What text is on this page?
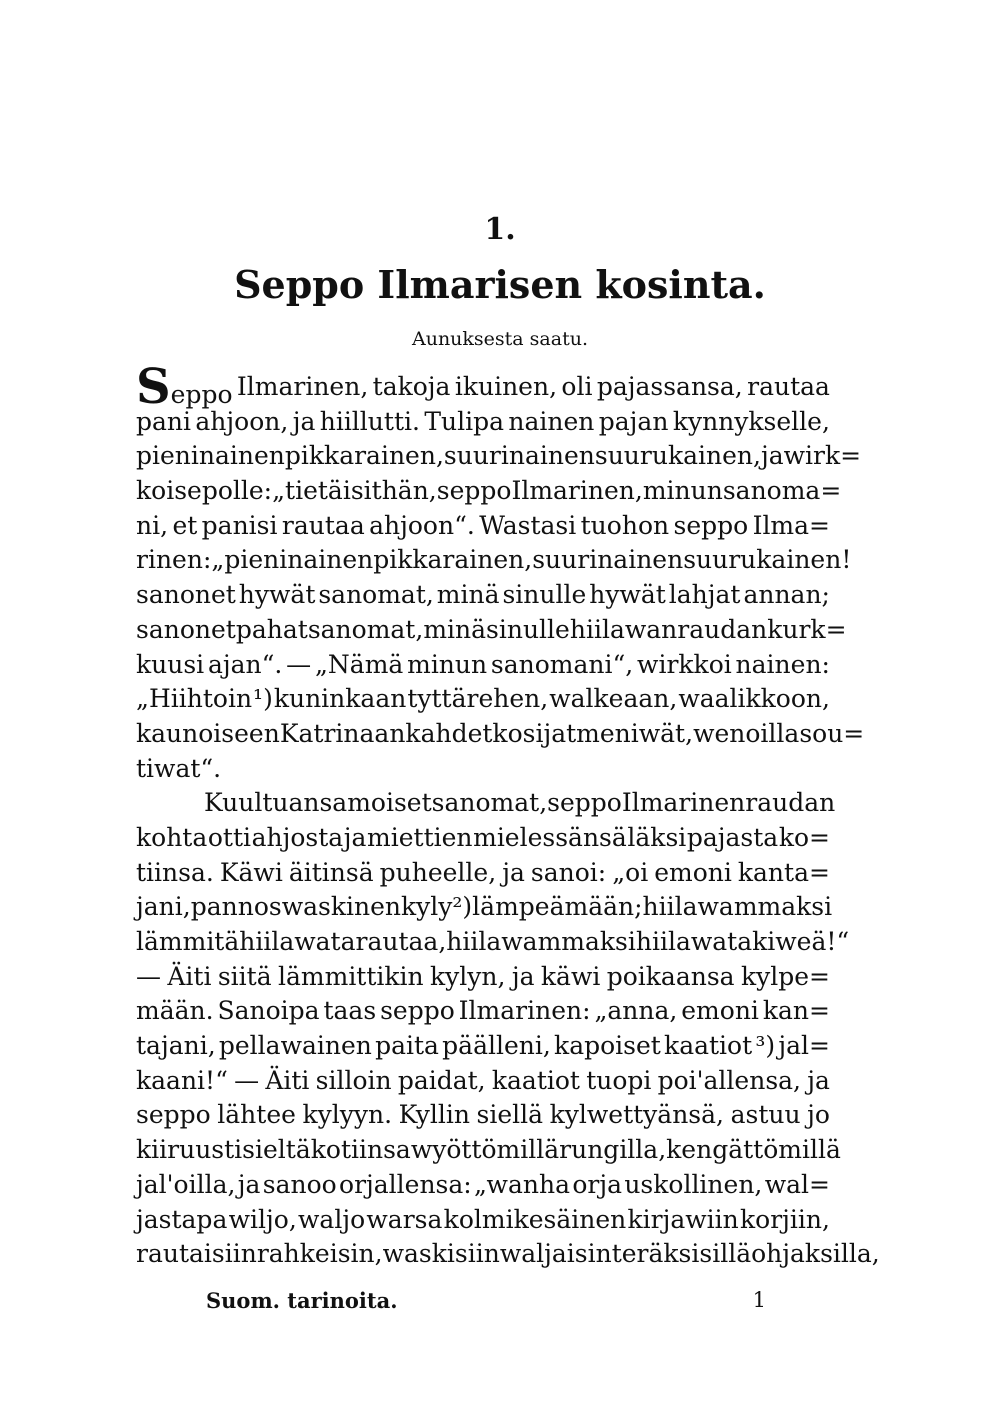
1.
Seppo Ilmarisen kosinta.
Aunuksesta saatu.
Seppo Ilmarinen, takoja ikuinen, oli pajassansa, rautaa
pani ahjoon, ja hiillutti. Tulipa nainen pajan kynnykselle,
pieni nainen pikkarainen, suuri nainen suurukainen, ja wirk=
koi sepolle: „tietäisithän, seppo Ilmarinen, minun sanoma=
ni, et panisi rautaa ahjoon“. Wastasi tuohon seppo Ilma=
rinen: „pieni nainen pikkarainen, suuri nainen suurukainen!
sanonet hywät sanomat, minä sinulle hywät lahjat annan;
sanonet pahat sanomat, minä sinulle hiilawan raudan kurk=
kuusi ajan“. — „Nämä minun sanomani“, wirkkoi nainen:
„Hiihtoin ¹) kuninkaan tyttärehen, walkeaan, waalikkoon,
kaunoiseen Katrinaan kahdet kosijat meniwät, wenoilla sou=
tiwat“.
Kuultuansa moiset sanomat, seppo Ilmarinen raudan
kohta otti ahjosta ja miettien mielessänsä läksi pajasta ko=
tiinsa. Käwi äitinsä puheelle, ja sanoi: „oi emoni kanta=
jani, pannos waskinen kyly ²) lämpeämään; hiilawammaksi
lämmitä hiilawata rautaa, hiilawammaksi hiilawata kiweä!“
— Äiti siitä lämmittikin kylyn, ja käwi poikaansa kylpe=
mään. Sanoipa taas seppo Ilmarinen: „anna, emoni kan=
tajani, pellawainen paita päälleni, kapoiset kaatiot ³) jal=
kaani!“ — Äiti silloin paidat, kaatiot tuopi poi'allensa, ja
seppo lähtee kylyyn. Kyllin siellä kylwettyänsä, astuu jo
kiiruusti sieltä kotiinsa wyöttömillä rungilla, kengättömillä
jal'oilla, ja sanoo orjallensa: „wanha orja uskollinen, wal=
jastapa wiljo, waljo warsa kolmikesäinen kirjawiin korjiin,
rautaisiin rahkeisin, waskisiin waljaisin teräksisillä ohjaksilla,
Suom. tarinoita.	1
